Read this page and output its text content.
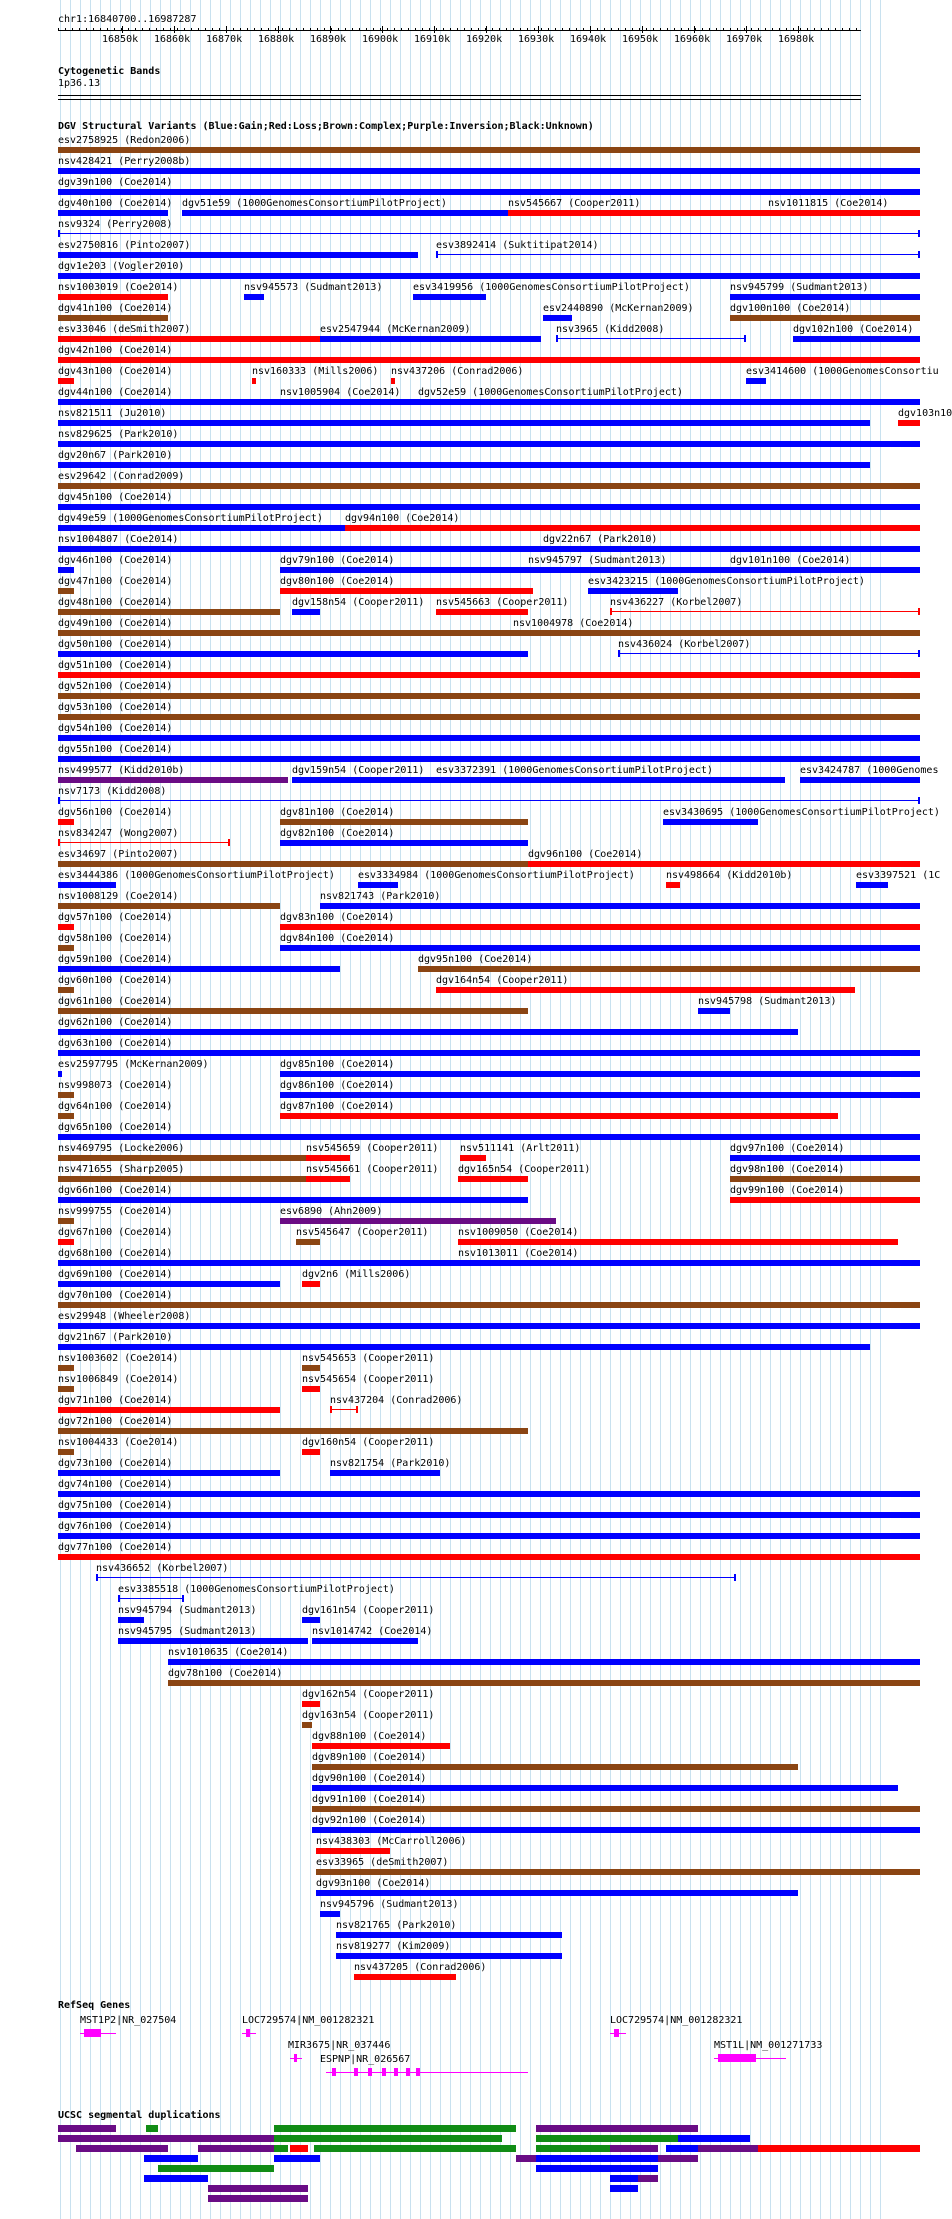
chr1:16840700..16987287
16850k 16860k 16870k 16880k 16890k 16900k 16910k 16920k 16930k 16940k 16950k 16960k 16970k 16980k
Cytogenetic Bands
1p36.13
DGV Structural Variants (Blue:Gain;Red:Loss;Brown:Complex;Purple:Inversion;Black:Unknown)
esv2758925 (Redon2006)
nsv428421 (Perry2008b)
dgv39n100 (Coe2014)
dgv40n100 (Coe2014) dgv51e59 (1000GenomesConsortiumPilotProject)	nsv545667 (Cooper2011)	nsv1011815 (Coe2014)
nsv9324 (Perry2008)
esv2750816 (Pinto2007)	esv3892414 (Suktitipat2014)
dgv1e203 (Vogler2010)
nsv1003019 (Coe2014)	nsv945573 (Sudmant2013)	esv3419956 (1000GenomesConsortiumPilotProject)	nsv945799 (Sudmant2013)
dgv41n100 (Coe2014)	esv2440890 (McKernan2009)	dgv100n100 (Coe2014)
esv33046 (deSmith2007)	esv2547944 (McKernan2009)	nsv3965 (Kidd2008)	dgv102n100 (Coe2014)
dgv42n100 (Coe2014)
dgv43n100 (Coe2014)	nsv160333 (Mills2006) nsv437206 (Conrad2006)	esv3414600 (1000GenomesConsortiu
dgv44n100 (Coe2014)	nsv1005904 (Coe2014) dgv52e59 (1000GenomesConsortiumPilotProject)
nsv821511 (Ju2010)	dgv103n10
nsv829625 (Park2010)
dgv20n67 (Park2010)
esv29642 (Conrad2009)
dgv45n100 (Coe2014)
dgv49e59 (1000GenomesConsortiumPilotProject) dgv94n100 (Coe2014)
nsv1004807 (Coe2014)	dgv22n67 (Park2010)
dgv46n100 (Coe2014)	dgv79n100 (Coe2014)	nsv945797 (Sudmant2013)	dgv101n100 (Coe2014)
dgv47n100 (Coe2014)	dgv80n100 (Coe2014)	esv3423215 (1000GenomesConsortiumPilotProject)
dgv48n100 (Coe2014)	dgv158n54 (Cooper2011) nsv545663 (Cooper2011)	nsv436227 (Korbel2007)
dgv49n100 (Coe2014)	nsv1004978 (Coe2014)
dgv50n100 (Coe2014)	nsv436024 (Korbel2007)
dgv51n100 (Coe2014)
dgv52n100 (Coe2014)
dgv53n100 (Coe2014)
dgv54n100 (Coe2014)
dgv55n100 (Coe2014)
nsv499577 (Kidd2010b)	dgv159n54 (Cooper2011) esv3372391 (1000GenomesConsortiumPilotProject)	esv3424787 (1000Genomes
nsv7173 (Kidd2008)
dgv56n100 (Coe2014)	dgv81n100 (Coe2014)	esv3430695 (1000GenomesConsortiumPilotProject)
nsv834247 (Wong2007)	dgv82n100 (Coe2014)
esv34697 (Pinto2007)	dgv96n100 (Coe2014)
esv3444386 (1000GenomesConsortiumPilotProject) esv3334984 (1000GenomesConsortiumPilotProject)	nsv498664 (Kidd2010b)	esv3397521 (1C
nsv1008129 (Coe2014)	nsv821743 (Park2010)
dgv57n100 (Coe2014)	dgv83n100 (Coe2014)
dgv58n100 (Coe2014)	dgv84n100 (Coe2014)
dgv59n100 (Coe2014)	dgv95n100 (Coe2014)
dgv60n100 (Coe2014)	dgv164n54 (Cooper2011)
dgv61n100 (Coe2014)	nsv945798 (Sudmant2013)
dgv62n100 (Coe2014)
dgv63n100 (Coe2014)
esv2597795 (McKernan2009)	dgv85n100 (Coe2014)
nsv998073 (Coe2014)	dgv86n100 (Coe2014)
dgv64n100 (Coe2014)	dgv87n100 (Coe2014)
dgv65n100 (Coe2014)
nsv469795 (Locke2006)	nsv545659 (Cooper2011) nsv511141 (Arlt2011)	dgv97n100 (Coe2014)
nsv471655 (Sharp2005)	nsv545661 (Cooper2011) dgv165n54 (Cooper2011)	dgv98n100 (Coe2014)
dgv66n100 (Coe2014)	dgv99n100 (Coe2014)
nsv999755 (Coe2014)	esv6890 (Ahn2009)
dgv67n100 (Coe2014)	nsv545647 (Cooper2011)	nsv1009050 (Coe2014)
dgv68n100 (Coe2014)	nsv1013011 (Coe2014)
dgv69n100 (Coe2014)	dgv2n6 (Mills2006)
dgv70n100 (Coe2014)
esv29948 (Wheeler2008)
dgv21n67 (Park2010)
nsv1003602 (Coe2014)	nsv545653 (Cooper2011)
nsv1006849 (Coe2014)	nsv545654 (Cooper2011)
dgv71n100 (Coe2014)	nsv437204 (Conrad2006)
dgv72n100 (Coe2014)
nsv1004433 (Coe2014)	dgv160n54 (Cooper2011)
dgv73n100 (Coe2014)	nsv821754 (Park2010)
dgv74n100 (Coe2014)
dgv75n100 (Coe2014)
dgv76n100 (Coe2014)
dgv77n100 (Coe2014)
nsv436652 (Korbel2007)
esv3385518 (1000GenomesConsortiumPilotProject)
nsv945794 (Sudmant2013)	dgv161n54 (Cooper2011)
nsv945795 (Sudmant2013)	nsv1014742 (Coe2014)
nsv1010635 (Coe2014)
dgv78n100 (Coe2014)
dgv162n54 (Cooper2011)
dgv163n54 (Cooper2011)
dgv88n100 (Coe2014)
dgv89n100 (Coe2014)
dgv90n100 (Coe2014)
dgv91n100 (Coe2014)
dgv92n100 (Coe2014)
nsv438303 (McCarroll2006)
esv33965 (deSmith2007)
dgv93n100 (Coe2014)
nsv945796 (Sudmant2013)
nsv821765 (Park2010)
nsv819277 (Kim2009)
nsv437205 (Conrad2006)
RefSeq Genes
MST1P2|NR_027504	LOC729574|NM_001282321	LOC729574|NM_001282321
MIR3675|NR_037446
ESPNP|NR_026567
MST1L|NM_001271733
UCSC segmental duplications
